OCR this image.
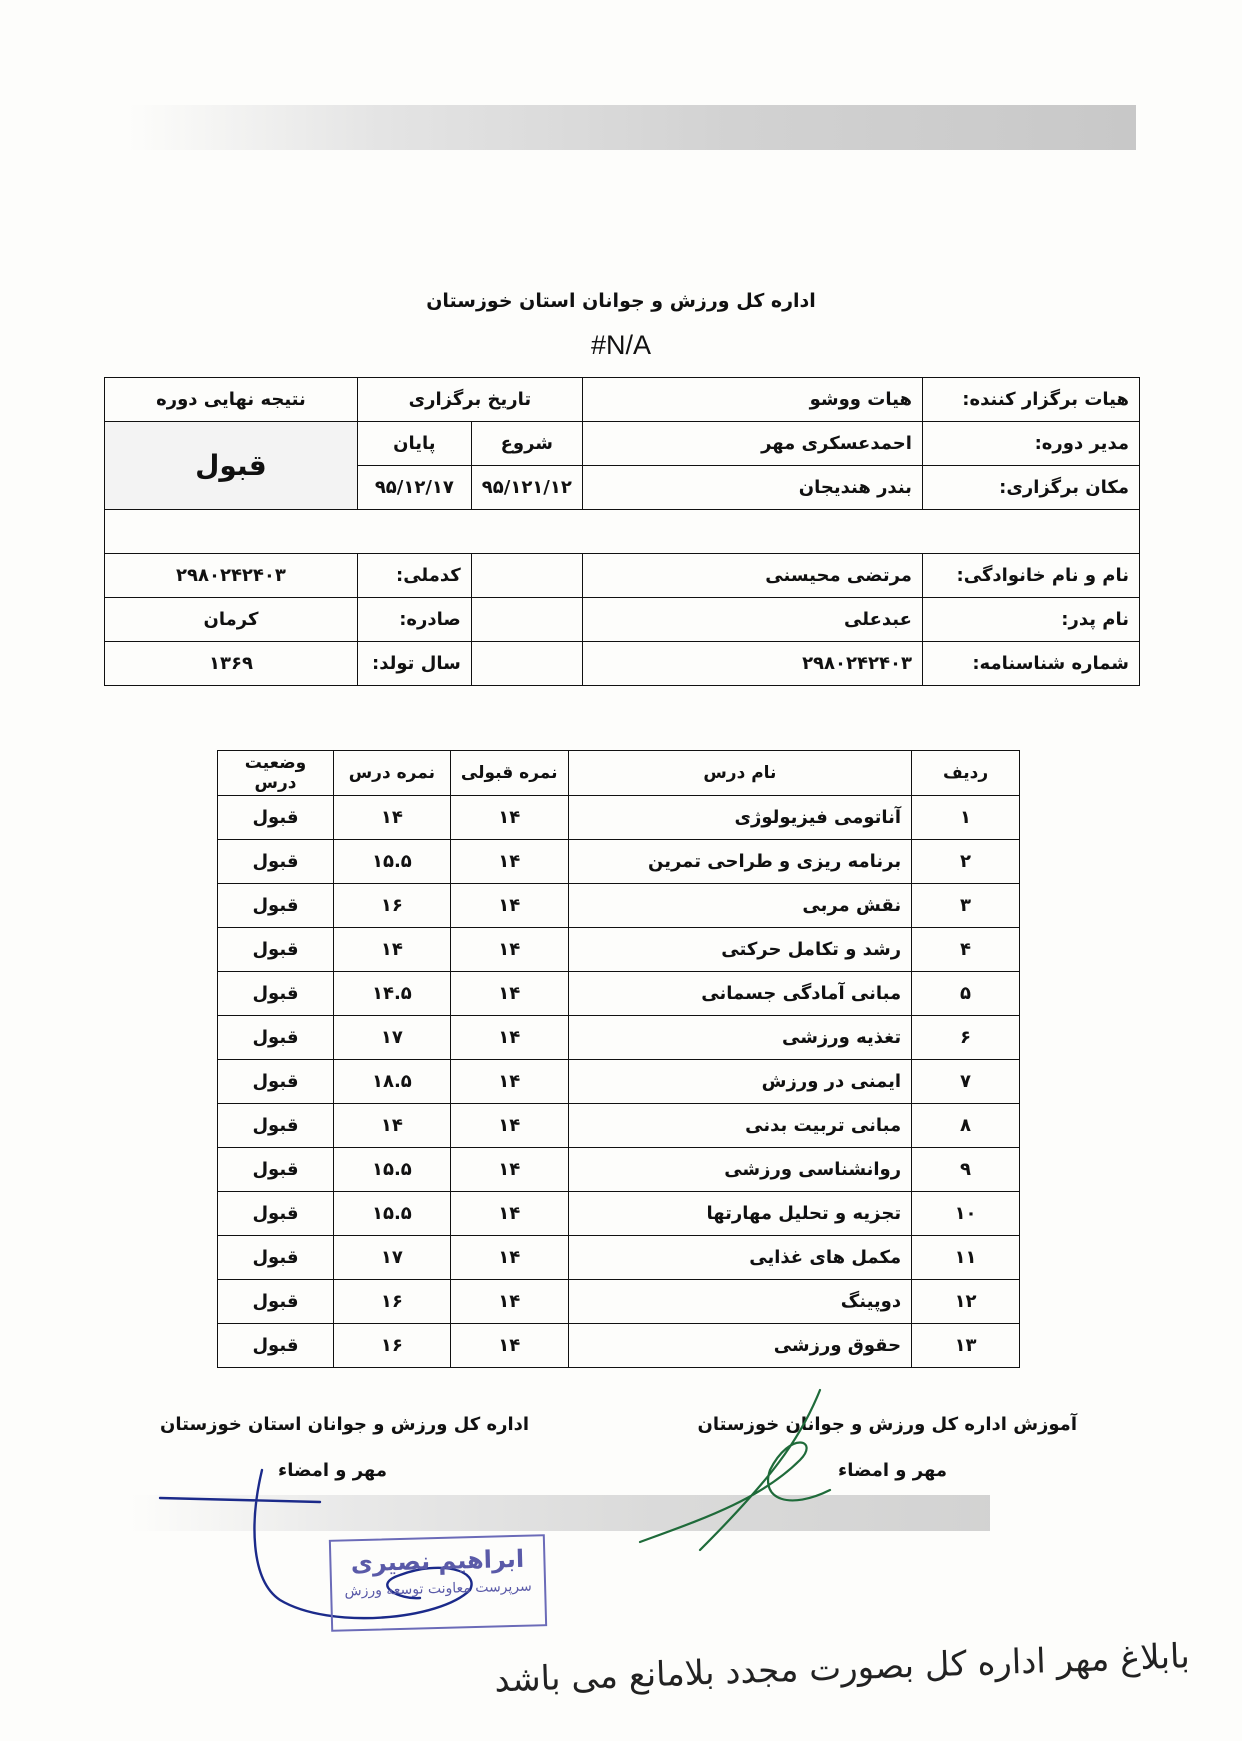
اداره کل ورزش و جوانان استان خوزستان
#N/A
هیات برگزار کننده:	هیات ووشو	تاریخ برگزاری		نتیجه نهایی دوره
مدیر دوره:	احمدعسکری مهر	شروع	پایان	قبول
مکان برگزاری:	بندر هندیجان	۹۵/۱۲۱/۱۲	۹۵/۱۲/۱۷	

نام و نام خانوادگی:	مرتضی محیسنی		کدملی:	۲۹۸۰۲۴۲۴۰۳
نام پدر:	عبدعلی		صادره:	کرمان
شماره شناسنامه:	۲۹۸۰۲۴۲۴۰۳		سال تولد:	۱۳۶۹
ردیف	نام درس	نمره قبولی	نمره درس	وضعیت درس
۱	آناتومی فیزیولوژی	۱۴	۱۴	قبول
۲	برنامه ریزی و طراحی تمرین	۱۴	۱۵.۵	قبول
۳	نقش مربی	۱۴	۱۶	قبول
۴	رشد و تکامل حرکتی	۱۴	۱۴	قبول
۵	مبانی آمادگی جسمانی	۱۴	۱۴.۵	قبول
۶	تغذیه ورزشی	۱۴	۱۷	قبول
۷	ایمنی در ورزش	۱۴	۱۸.۵	قبول
۸	مبانی تربیت بدنی	۱۴	۱۴	قبول
۹	روانشناسی ورزشی	۱۴	۱۵.۵	قبول
۱۰	تجزیه و تحلیل مهارتها	۱۴	۱۵.۵	قبول
۱۱	مکمل های غذایی	۱۴	۱۷	قبول
۱۲	دوپینگ	۱۴	۱۶	قبول
۱۳	حقوق ورزشی	۱۴	۱۶	قبول
آموزش اداره کل ورزش و جوانان خوزستان
مهر و امضاء
اداره کل ورزش و جوانان استان خوزستان
مهر و امضاء
ابراهیم نصیری
سرپرست معاونت توسعه ورزش
بابلاغ مهر اداره کل بصورت مجدد بلامانع می باشد
